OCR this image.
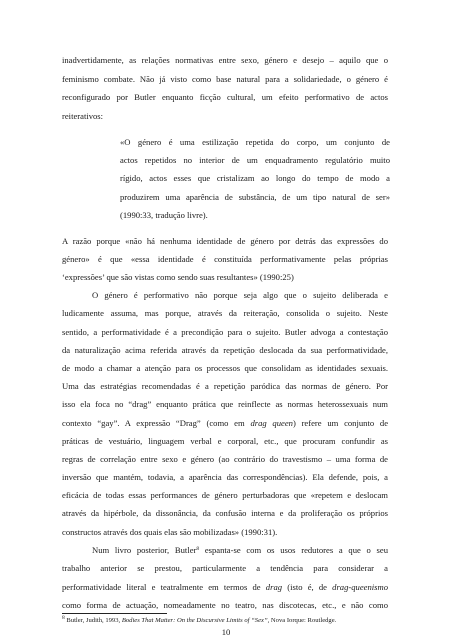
inadvertidamente, as relações normativas entre sexo, género e desejo – aquilo que o

feminismo combate. Não já visto como base natural para a solidariedade, o género é

reconfigurado por Butler enquanto ficção cultural, um efeito performativo de actos

reiterativos:

«O género é uma estilização repetida do corpo, um conjunto de

actos repetidos no interior de um enquadramento regulatório muito

rígido, actos esses que cristalizam ao longo do tempo de modo a

produzirem uma aparência de substância, de um tipo natural de ser»

(1990:33, tradução livre).

A razão porque «não há nenhuma identidade de género por detrás das expressões do

género» é que «essa identidade é constituída performativamente pelas próprias

‘expressões’ que são vistas como sendo suas resultantes» (1990:25)

O género é performativo não porque seja algo que o sujeito deliberada e

ludicamente assuma, mas porque, através da reiteração, consolida o sujeito. Neste

sentido, a performatividade é a precondição para o sujeito. Butler advoga a contestação

da naturalização acima referida através da repetição deslocada da sua performatividade,

de modo a chamar a atenção para os processos que consolidam as identidades sexuais.

Uma das estratégias recomendadas é a repetição paródica das normas de género. Por

isso ela foca no “drag” enquanto prática que reinflecte as normas heterossexuais num

contexto “gay”. A expressão “Drag” (como em drag queen) refere um conjunto de

práticas de vestuário, linguagem verbal e corporal, etc., que procuram confundir as

regras de correlação entre sexo e género (ao contrário do travestismo – uma forma de

inversão que mantém, todavia, a aparência das correspondências). Ela defende, pois, a

eficácia de todas essas performances de género perturbadoras que «repetem e deslocam

através da hipérbole, da dissonância, da confusão interna e da proliferação os próprios

constructos através dos quais elas são mobilizadas» (1990:31).

Num livro posterior, Butler$^8$ espanta-se com os usos redutores a que o seu

trabalho anterior se prestou, particularmente a tendência para considerar a

performatividade literal e teatralmente em termos de drag (isto é, de drag-queenismo

como forma de actuação, nomeadamente no teatro, nas discotecas, etc., e não como

$^8$ Butler, Judith, 1993, Bodies That Matter: On the Discursive Limits of “Sex”, Nova Iorque: Routledge.
10
